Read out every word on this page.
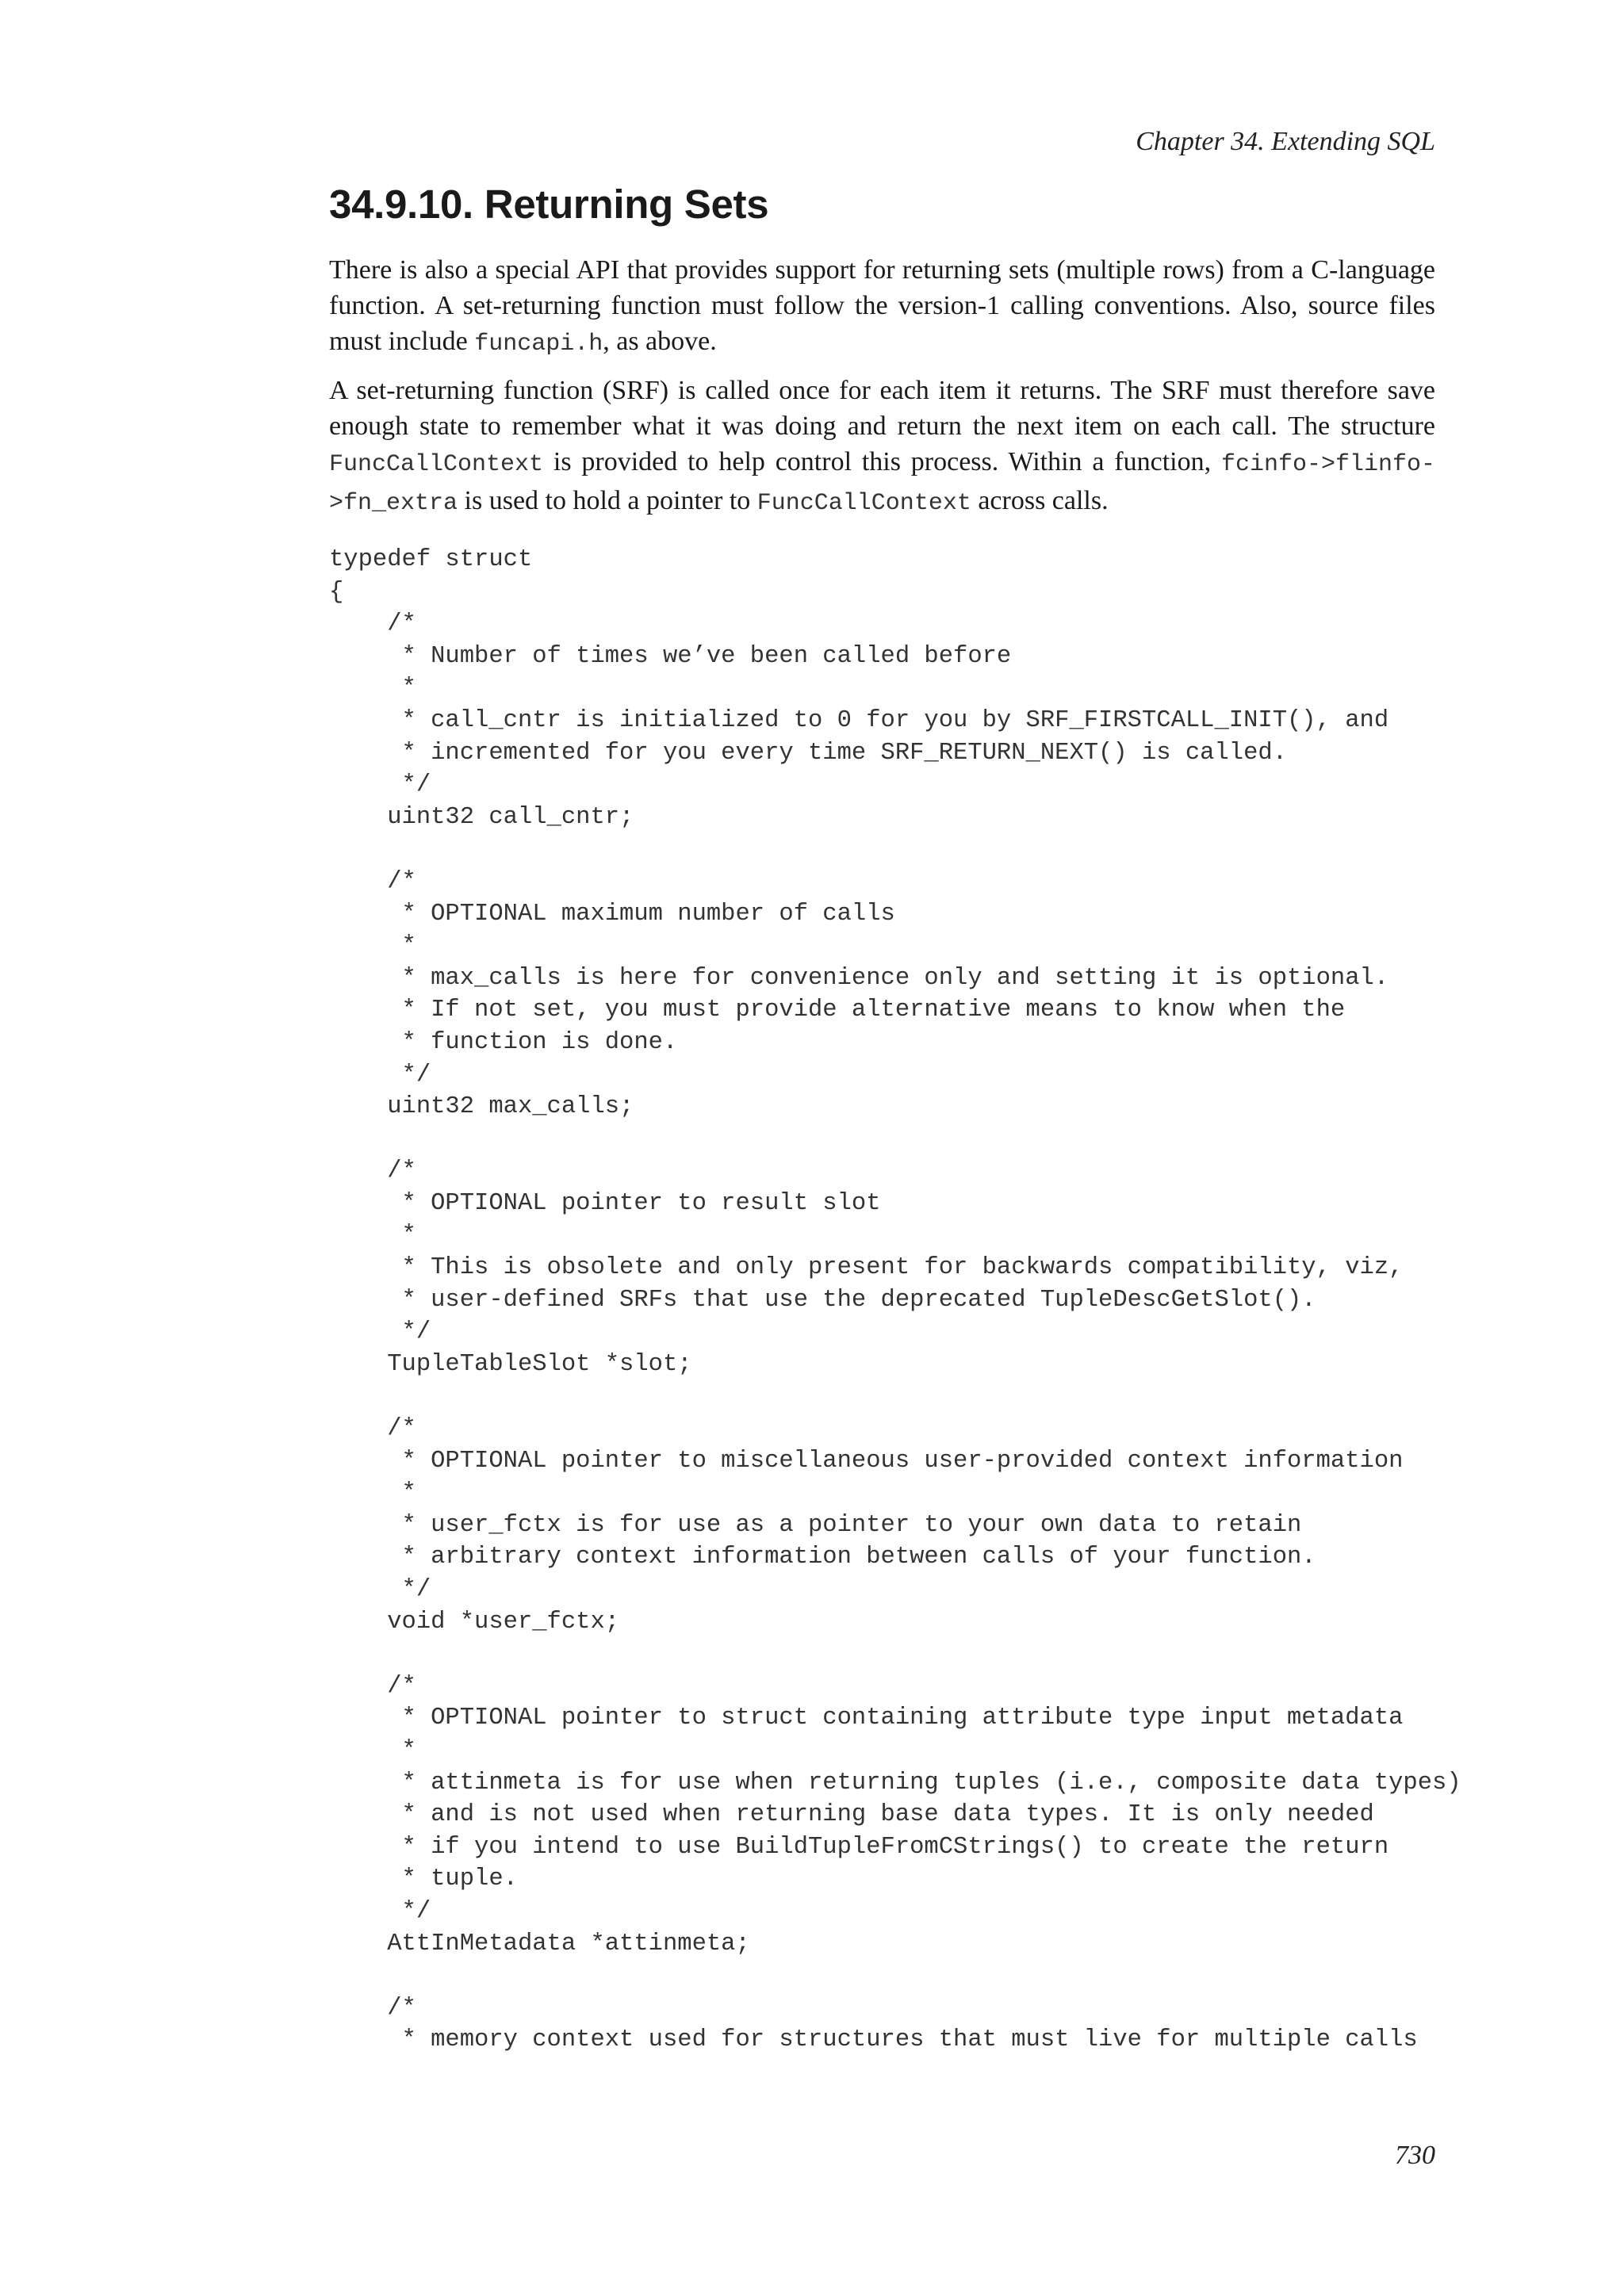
Chapter 34. Extending SQL
34.9.10. Returning Sets

There is also a special API that provides support for returning sets (multiple rows) from a C-language function. A set-returning function must follow the version-1 calling conventions. Also, source files must include funcapi.h, as above.

A set-returning function (SRF) is called once for each item it returns. The SRF must therefore save enough state to remember what it was doing and return the next item on each call. The structure FuncCallContext is provided to help control this process. Within a function, fcinfo->flinfo->fn_extra is used to hold a pointer to FuncCallContext across calls.

typedef struct
{
/*
* Number of times we’ve been called before
*
* call_cntr is initialized to 0 for you by SRF_FIRSTCALL_INIT(), and
* incremented for you every time SRF_RETURN_NEXT() is called.
*/
uint32 call_cntr;
/*
* OPTIONAL maximum number of calls
*
* max_calls is here for convenience only and setting it is optional.
* If not set, you must provide alternative means to know when the
* function is done.
*/
uint32 max_calls;
/*
* OPTIONAL pointer to result slot
*
* This is obsolete and only present for backwards compatibility, viz,
* user-defined SRFs that use the deprecated TupleDescGetSlot().
*/
TupleTableSlot *slot;
/*
* OPTIONAL pointer to miscellaneous user-provided context information
*
* user_fctx is for use as a pointer to your own data to retain
* arbitrary context information between calls of your function.
*/
void *user_fctx;
/*
* OPTIONAL pointer to struct containing attribute type input metadata
*
* attinmeta is for use when returning tuples (i.e., composite data types)
* and is not used when returning base data types. It is only needed
* if you intend to use BuildTupleFromCStrings() to create the return
* tuple.
*/
AttInMetadata *attinmeta;
/*
* memory context used for structures that must live for multiple calls
730
